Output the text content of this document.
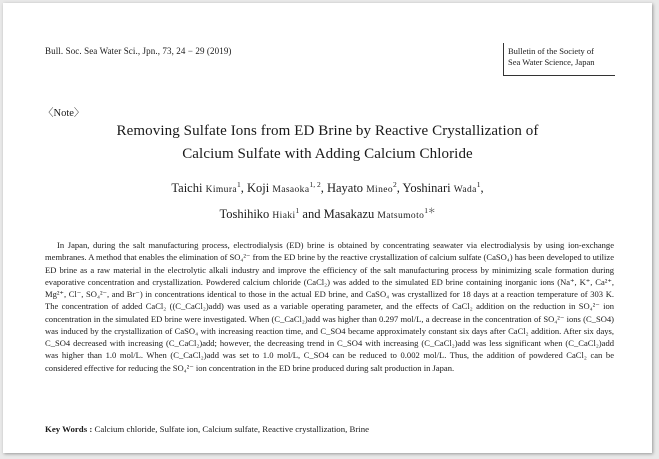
Bull. Soc. Sea Water Sci., Jpn., 73, 24 − 29 (2019)	Bulletin of the Society of
Sea Water Science, Japan
〈Note〉
Removing Sulfate Ions from ED Brine by Reactive Crystallization of
Calcium Sulfate with Adding Calcium Chloride
Taichi Kimura$^1$, Koji Masaoka$^{1, 2}$, Hayato Mineo$^2$, Yoshinari Wada$^1$,
Toshihiko Hiaki$^1$ and Masakazu Matsumoto$^{1*}$

In Japan, during the salt manufacturing process, electrodialysis (ED) brine is obtained by concentrating seawater via electrodialysis by using ion-exchange membranes. A method that enables the elimination of SO₄²⁻ from the ED brine by the reactive crystallization of calcium sulfate (CaSO₄) has been developed to utilize ED brine as a raw material in the electrolytic alkali industry and improve the efficiency of the salt manufacturing process by minimizing scale formation during evaporative concentration and crystallization. Powdered calcium chloride (CaCl₂) was added to the simulated ED brine containing inorganic ions (Na⁺, K⁺, Ca²⁺, Mg²⁺, Cl⁻, SO₄²⁻, and Br⁻) in concentrations identical to those in the actual ED brine, and CaSO₄ was crystallized for 18 days at a reaction temperature of 303 K. The concentration of added CaCl₂ ((C_CaCl₂)add) was used as a variable operating parameter, and the effects of CaCl₂ addition on the reduction in SO₄²⁻ ion concentration in the simulated ED brine were investigated. When (C_CaCl₂)add was higher than 0.297 mol/L, a decrease in the concentration of SO₄²⁻ ions (C_SO4) was induced by the crystallization of CaSO₄ with increasing reaction time, and C_SO4 became approximately constant six days after CaCl₂ addition. After six days, C_SO4 decreased with increasing (C_CaCl₂)add; however, the decreasing trend in C_SO4 with increasing (C_CaCl₂)add was less significant when (C_CaCl₂)add was higher than 1.0 mol/L. When (C_CaCl₂)add was set to 1.0 mol/L, C_SO4 can be reduced to 0.002 mol/L. Thus, the addition of powdered CaCl₂ can be considered effective for reducing the SO₄²⁻ ion concentration in the ED brine produced during salt production in Japan.

Key Words : Calcium chloride, Sulfate ion, Calcium sulfate, Reactive crystallization, Brine
